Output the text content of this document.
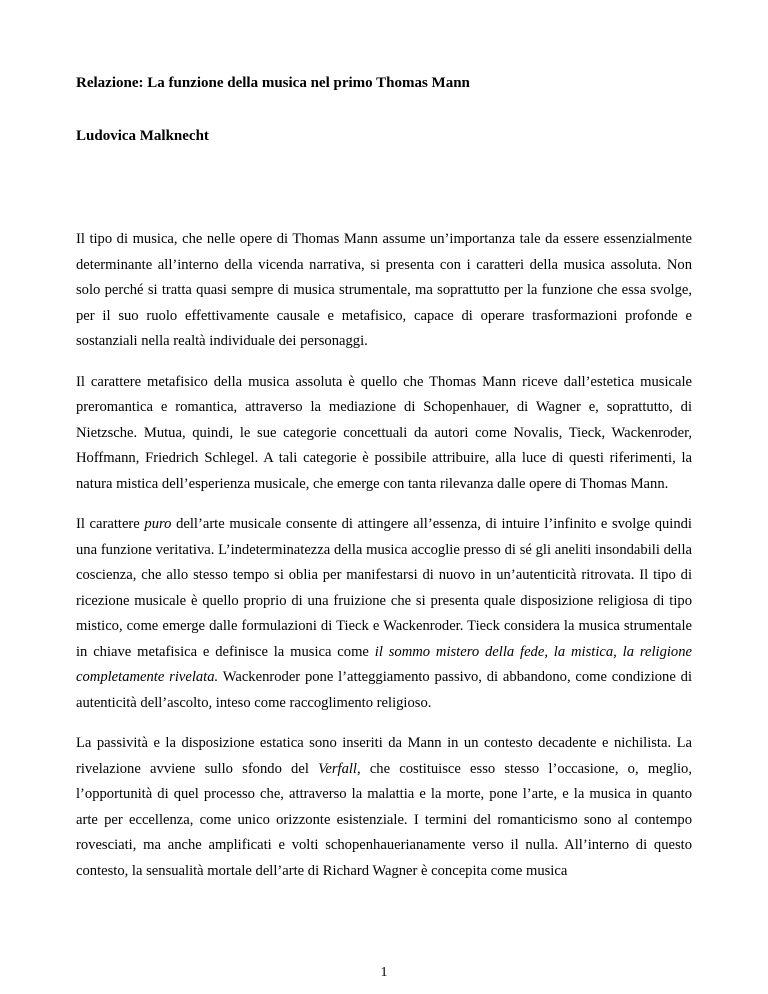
Relazione: La funzione della musica nel primo Thomas Mann
Ludovica Malknecht

Il tipo di musica, che nelle opere di Thomas Mann assume un’importanza tale da essere essenzialmente determinante all’interno della vicenda narrativa, si presenta con i caratteri della musica assoluta. Non solo perché si tratta quasi sempre di musica strumentale, ma soprattutto per la funzione che essa svolge, per il suo ruolo effettivamente causale e metafisico, capace di operare trasformazioni profonde e sostanziali nella realtà individuale dei personaggi.

Il carattere metafisico della musica assoluta è quello che Thomas Mann riceve dall’estetica musicale preromantica e romantica, attraverso la mediazione di Schopenhauer, di Wagner e, soprattutto, di Nietzsche. Mutua, quindi, le sue categorie concettuali da autori come Novalis, Tieck, Wackenroder, Hoffmann, Friedrich Schlegel. A tali categorie è possibile attribuire, alla luce di questi riferimenti, la natura mistica dell’esperienza musicale, che emerge con tanta rilevanza dalle opere di Thomas Mann.

Il carattere puro dell’arte musicale consente di attingere all’essenza, di intuire l’infinito e svolge quindi una funzione veritativa. L’indeterminatezza della musica accoglie presso di sé gli aneliti insondabili della coscienza, che allo stesso tempo si oblia per manifestarsi di nuovo in un’autenticità ritrovata. Il tipo di ricezione musicale è quello proprio di una fruizione che si presenta quale disposizione religiosa di tipo mistico, come emerge dalle formulazioni di Tieck e Wackenroder. Tieck considera la musica strumentale in chiave metafisica e definisce la musica come il sommo mistero della fede, la mistica, la religione completamente rivelata. Wackenroder pone l’atteggiamento passivo, di abbandono, come condizione di autenticità dell’ascolto, inteso come raccoglimento religioso.

La passività e la disposizione estatica sono inseriti da Mann in un contesto decadente e nichilista. La rivelazione avviene sullo sfondo del Verfall, che costituisce esso stesso l’occasione, o, meglio, l’opportunità di quel processo che, attraverso la malattia e la morte, pone l’arte, e la musica in quanto arte per eccellenza, come unico orizzonte esistenziale. I termini del romanticismo sono al contempo rovesciati, ma anche amplificati e volti schopenhauerianamente verso il nulla. All’interno di questo contesto, la sensualità mortale dell’arte di Richard Wagner è concepita come musica

1
